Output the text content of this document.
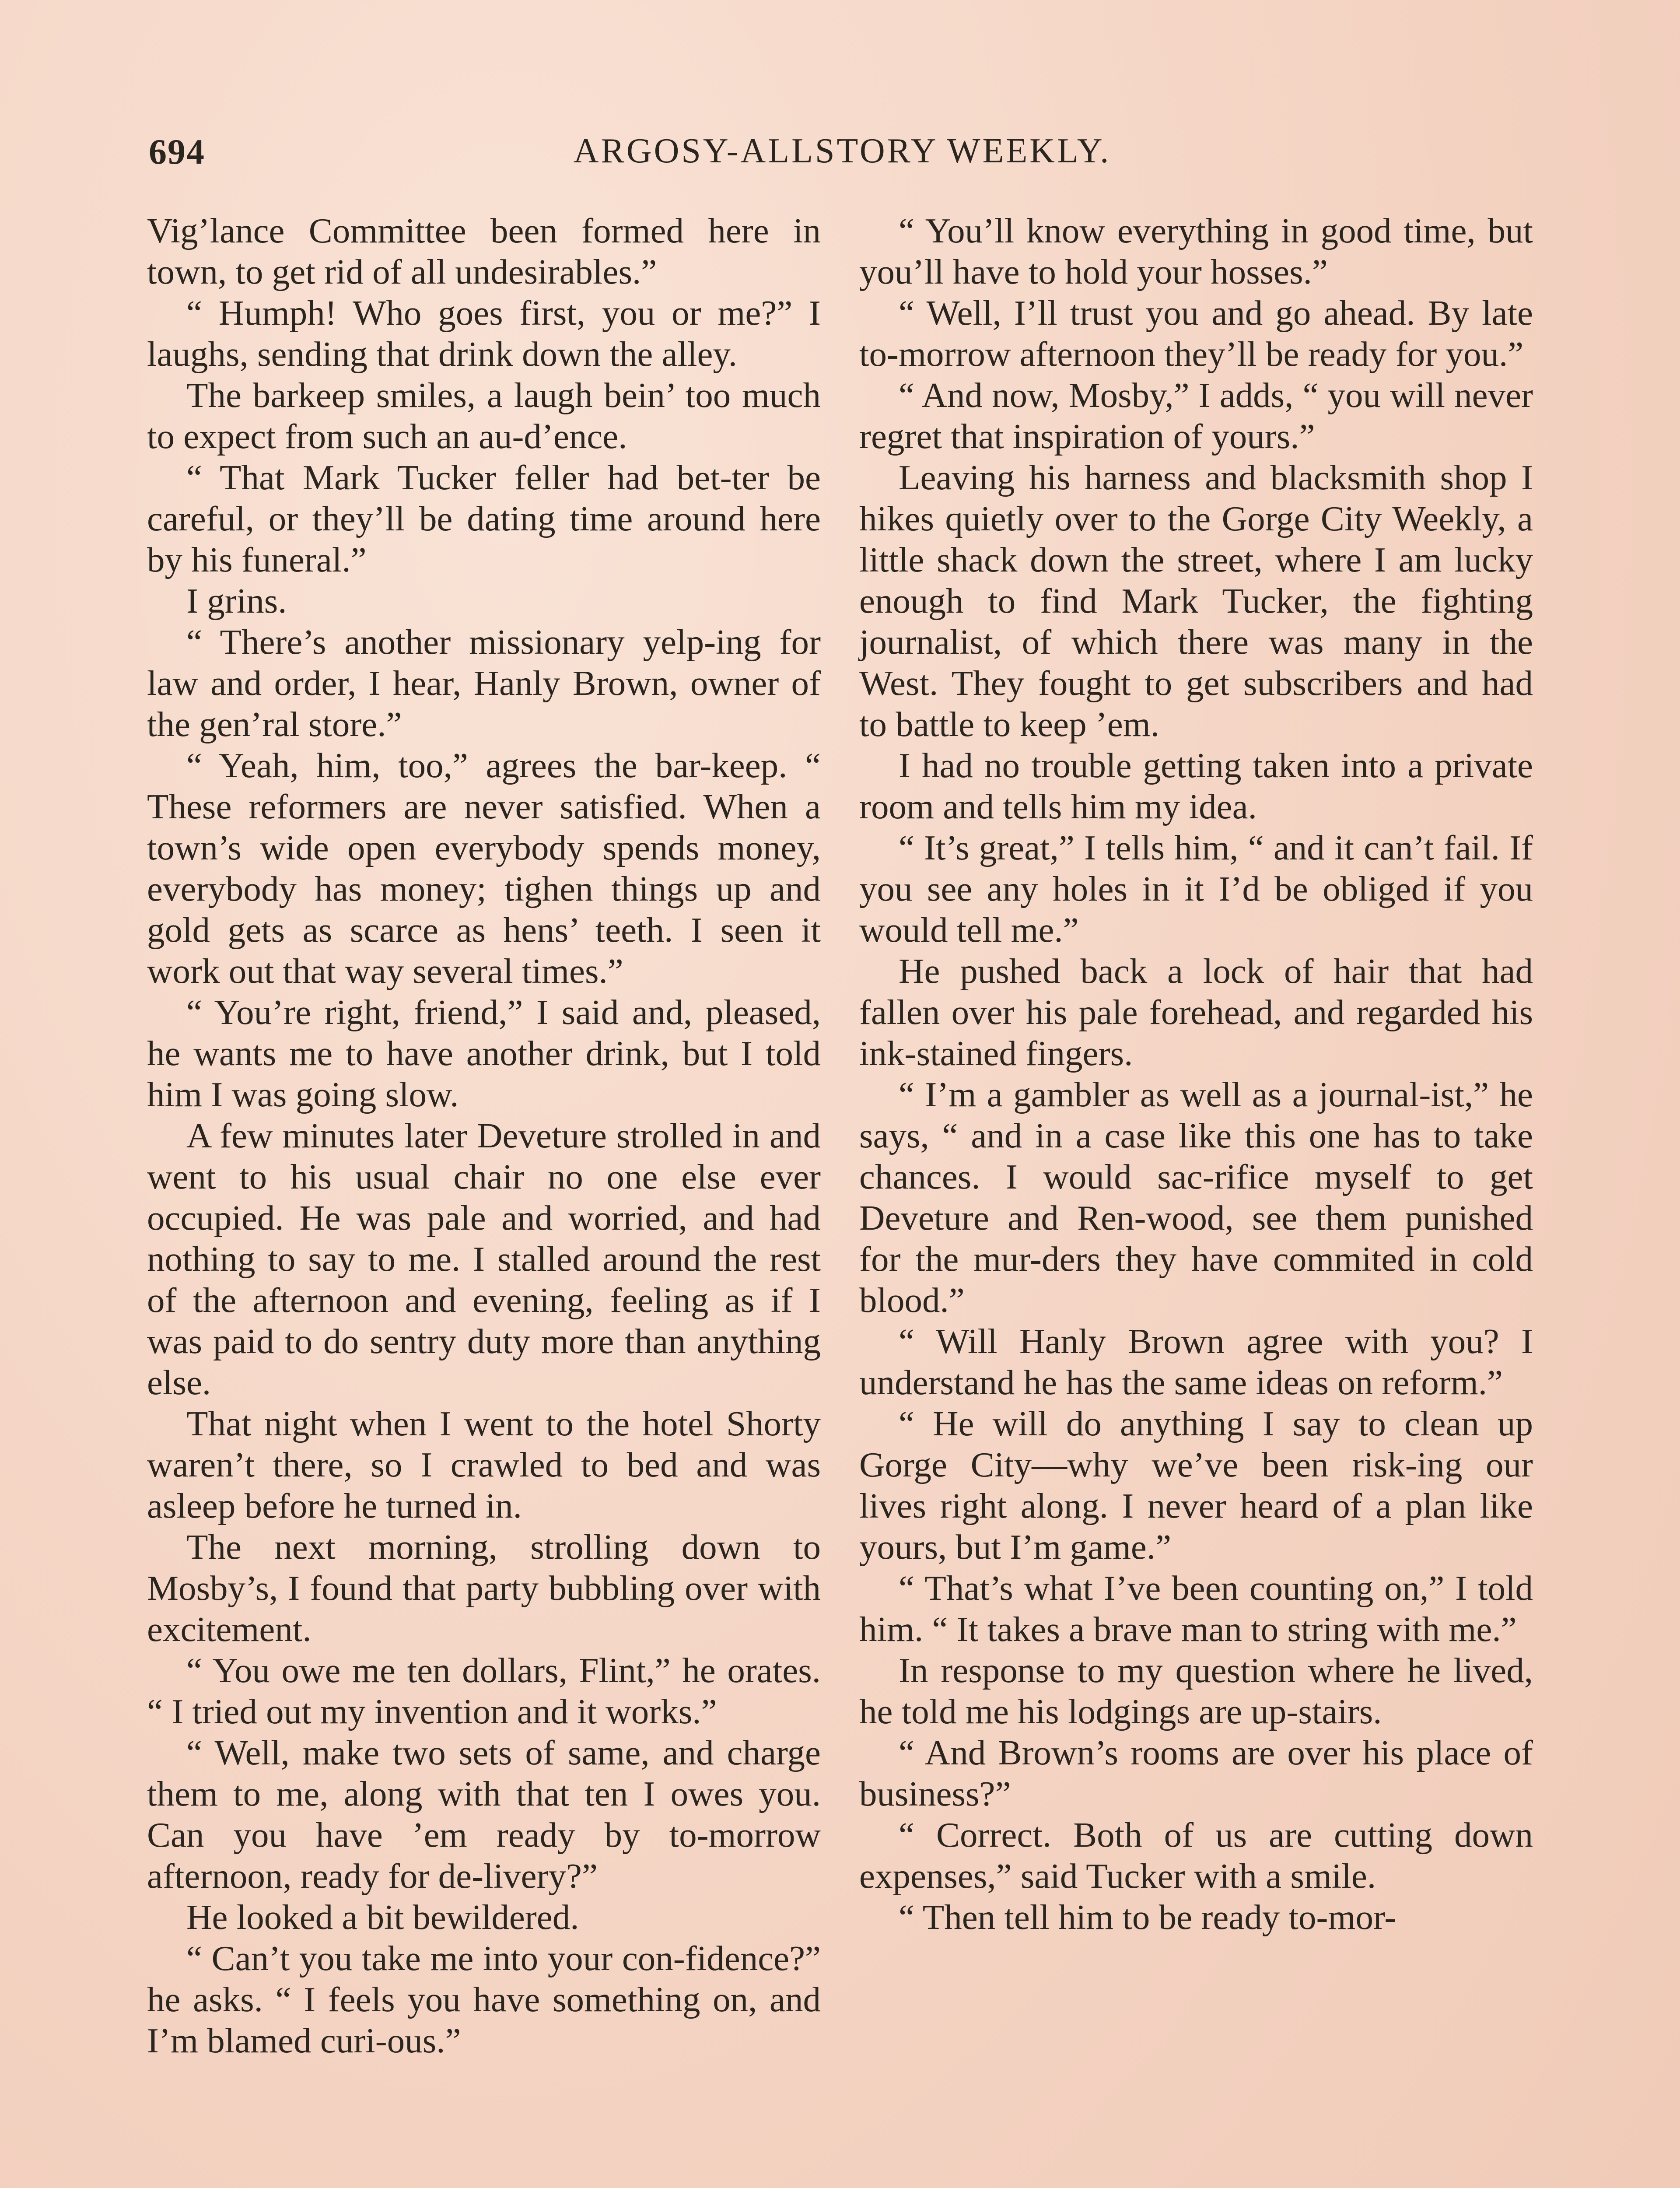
694	ARGOSY-ALLSTORY WEEKLY.

Vig’lance Committee been formed here in town, to get rid of all undesirables.”

“ Humph! Who goes first, you or me?” I laughs, sending that drink down the alley.

The barkeep smiles, a laugh bein’ too much to expect from such an au-d’ence.

“ That Mark Tucker feller had bet-ter be careful, or they’ll be dating time around here by his funeral.”

I grins.

“ There’s another missionary yelp-ing for law and order, I hear, Hanly Brown, owner of the gen’ral store.”

“ Yeah, him, too,” agrees the bar-keep. “ These reformers are never satisfied. When a town’s wide open everybody spends money, everybody has money; tighen things up and gold gets as scarce as hens’ teeth. I seen it work out that way several times.”

“ You’re right, friend,” I said and, pleased, he wants me to have another drink, but I told him I was going slow.

A few minutes later Deveture strolled in and went to his usual chair no one else ever occupied. He was pale and worried, and had nothing to say to me. I stalled around the rest of the afternoon and evening, feeling as if I was paid to do sentry duty more than anything else.

That night when I went to the hotel Shorty waren’t there, so I crawled to bed and was asleep before he turned in.

The next morning, strolling down to Mosby’s, I found that party bubbling over with excitement.

“ You owe me ten dollars, Flint,” he orates. “ I tried out my invention and it works.”

“ Well, make two sets of same, and charge them to me, along with that ten I owes you. Can you have ’em ready by to-morrow afternoon, ready for de-livery?”

He looked a bit bewildered.

“ Can’t you take me into your con-fidence?” he asks. “ I feels you have something on, and I’m blamed curi-ous.”

“ You’ll know everything in good time, but you’ll have to hold your hosses.”

“ Well, I’ll trust you and go ahead. By late to-morrow afternoon they’ll be ready for you.”

“ And now, Mosby,” I adds, “ you will never regret that inspiration of yours.”

Leaving his harness and blacksmith shop I hikes quietly over to the Gorge City Weekly, a little shack down the street, where I am lucky enough to find Mark Tucker, the fighting journalist, of which there was many in the West. They fought to get subscribers and had to battle to keep ’em.

I had no trouble getting taken into a private room and tells him my idea.

“ It’s great,” I tells him, “ and it can’t fail. If you see any holes in it I’d be obliged if you would tell me.”

He pushed back a lock of hair that had fallen over his pale forehead, and regarded his ink-stained fingers.

“ I’m a gambler as well as a journal-ist,” he says, “ and in a case like this one has to take chances. I would sac-rifice myself to get Deveture and Ren-wood, see them punished for the mur-ders they have commited in cold blood.”

“ Will Hanly Brown agree with you? I understand he has the same ideas on reform.”

“ He will do anything I say to clean up Gorge City—why we’ve been risk-ing our lives right along. I never heard of a plan like yours, but I’m game.”

“ That’s what I’ve been counting on,” I told him. “ It takes a brave man to string with me.”

In response to my question where he lived, he told me his lodgings are up-stairs.

“ And Brown’s rooms are over his place of business?”

“ Correct. Both of us are cutting down expenses,” said Tucker with a smile.

“ Then tell him to be ready to-mor-
